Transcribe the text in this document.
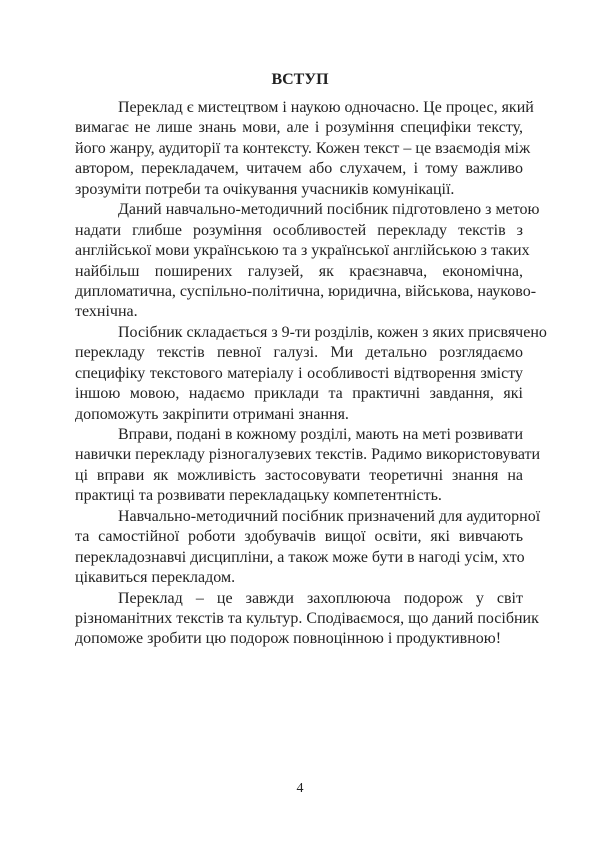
ВСТУП
Переклад є мистецтвом і наукою одночасно. Це процес, який
вимагає не лише знань мови, але і розуміння специфіки тексту,
його жанру, аудиторії та контексту. Кожен текст – це взаємодія між
автором, перекладачем, читачем або слухачем, і тому важливо
зрозуміти потреби та очікування учасників комунікації.
Даний навчально-методичний посібник підготовлено з метою
надати глибше розуміння особливостей перекладу текстів з
англійської мови українською та з української англійською з таких
найбільш поширених галузей, як краєзнавча, економічна,
дипломатична, суспільно-політична, юридична, військова, науково-
технічна.
Посібник складається з 9-ти розділів, кожен з яких присвячено
перекладу текстів певної галузі. Ми детально розглядаємо
специфіку текстового матеріалу і особливості відтворення змісту
іншою мовою, надаємо приклади та практичні завдання, які
допоможуть закріпити отримані знання.
Вправи, подані в кожному розділі, мають на меті розвивати
навички перекладу різногалузевих текстів. Радимо використовувати
ці вправи як можливість застосовувати теоретичні знання на
практиці та розвивати перекладацьку компетентність.
Навчально-методичний посібник призначений для аудиторної
та самостійної роботи здобувачів вищої освіти, які вивчають
перекладознавчі дисципліни, а також може бути в нагоді усім, хто
цікавиться перекладом.
Переклад – це завжди захоплююча подорож у світ
різноманітних текстів та культур. Сподіваємося, що даний посібник
допоможе зробити цю подорож повноцінною і продуктивною!
4
